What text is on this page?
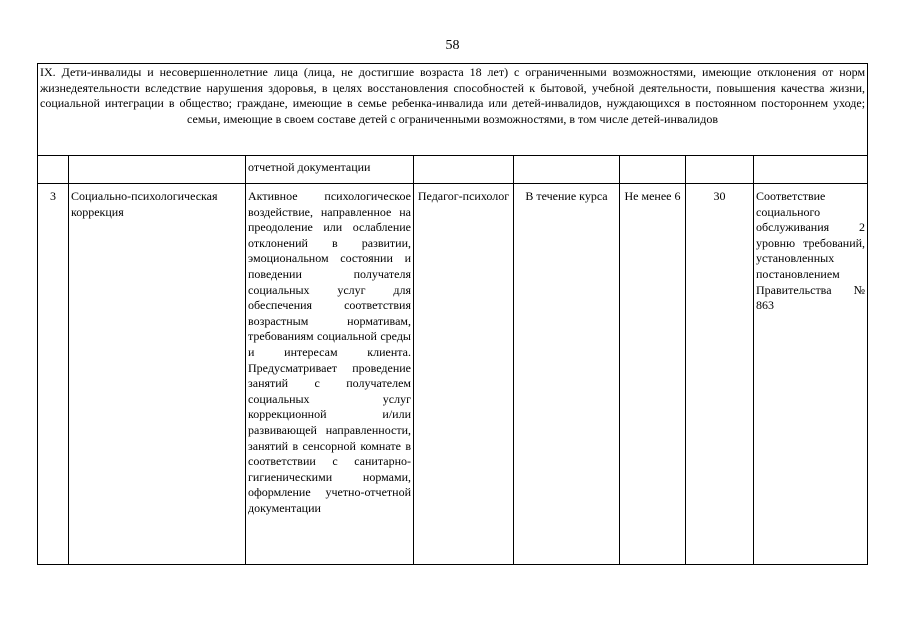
58
IX. Дети-инвалиды и несовершеннолетние лица (лица, не достигшие возраста 18 лет) с ограниченными возможностями, имеющие отклонения от норм жизнедеятельности вследствие нарушения здоровья, в целях восстановления способностей к бытовой, учебной деятельности, повышения качества жизни, социальной интеграции в общество; граждане, имеющие в семье ребенка-инвалида или детей-инвалидов, нуждающихся в постоянном постороннем уходе; семьи, имеющие в своем составе детей с ограниченными возможностями, в том числе детей-инвалидов							

		отчетной документации					
3	Социально-психологическая коррекция	Активное психологическое воздействие, направленное на преодоление или ослабление отклонений в развитии, эмоциональном состоянии и поведении получателя социальных услуг для обеспечения соответствия возрастным нормативам, требованиям социальной среды и интересам клиента. Предусматривает проведение занятий с получателем социальных услуг коррекционной и/или развивающей направленности, занятий в сенсорной комнате в соответствии с санитарно-гигиеническими нормами, оформление учетно-отчетной документации	Педагог-психолог	В течение курса	Не менее 6	30	Соответствие социального обслуживания 2 уровню требований, установленных постановлением Правительства № 863
